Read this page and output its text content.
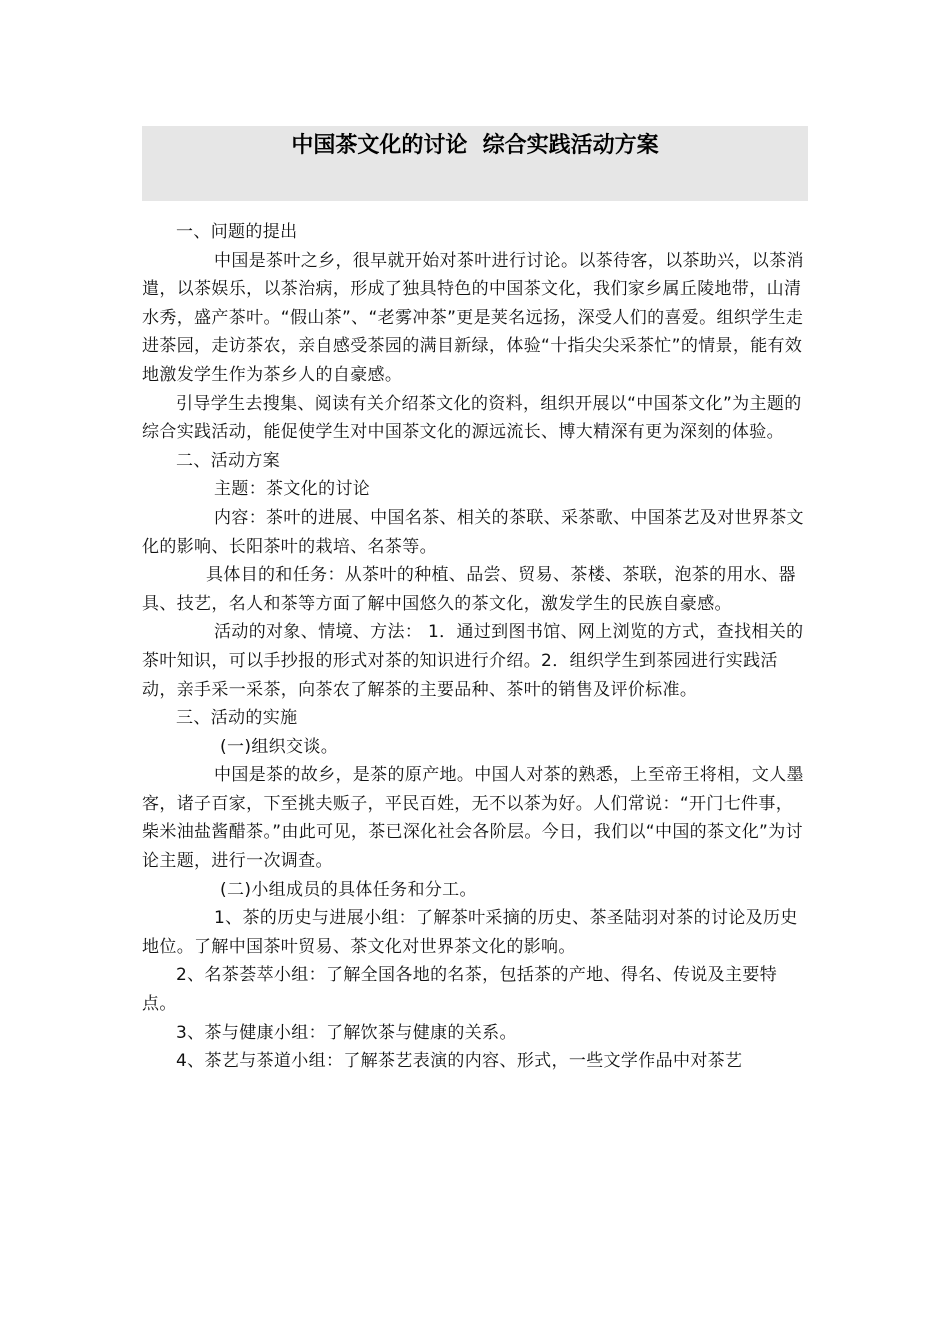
中国茶文化的讨论  综合实践活动方案

一、问题的提出

中国是茶叶之乡，很早就开始对茶叶进行讨论。以茶待客，以茶助兴，以茶消遣，以茶娱乐，以茶治病，形成了独具特色的中国茶文化，我们家乡属丘陵地带，山清水秀，盛产茶叶。“假山茶”、“老雾冲茶”更是荚名远扬，深受人们的喜爱。组织学生走进茶园，走访茶农，亲自感受茶园的满目新绿，体验“十指尖尖采茶忙”的情景，能有效地激发学生作为茶乡人的自豪感。

引导学生去搜集、阅读有关介绍茶文化的资料，组织开展以“中国茶文化”为主题的综合实践活动，能促使学生对中国茶文化的源远流长、博大精深有更为深刻的体验。

二、活动方案

主题：茶文化的讨论

内容：茶叶的进展、中国名茶、相关的茶联、采茶歌、中国茶艺及对世界茶文化的影响、长阳茶叶的栽培、名茶等。

具体目的和任务：从茶叶的种植、品尝、贸易、茶楼、茶联，泡茶的用水、器具、技艺，名人和茶等方面了解中国悠久的茶文化，激发学生的民族自豪感。

活动的对象、情境、方法： 1．通过到图书馆、网上浏览的方式，查找相关的茶叶知识，可以手抄报的形式对茶的知识进行介绍。2．组织学生到茶园进行实践活动，亲手采一采茶，向茶农了解茶的主要品种、茶叶的销售及评价标准。

三、活动的实施

(一)组织交谈。

中国是茶的故乡，是茶的原产地。中国人对茶的熟悉，上至帝王将相，文人墨客，诸子百家，下至挑夫贩子，平民百姓，无不以茶为好。人们常说：“开门七件事，柴米油盐酱醋茶。”由此可见，茶已深化社会各阶层。今日，我们以“中国的茶文化”为讨论主题，进行一次调查。

(二)小组成员的具体任务和分工。

1、茶的历史与进展小组：了解茶叶采摘的历史、茶圣陆羽对茶的讨论及历史地位。了解中国茶叶贸易、茶文化对世界茶文化的影响。

2、名茶荟萃小组：了解全国各地的名茶，包括茶的产地、得名、传说及主要特点。

3、茶与健康小组：了解饮茶与健康的关系。

4、茶艺与茶道小组：了解茶艺表演的内容、形式，一些文学作品中对茶艺
